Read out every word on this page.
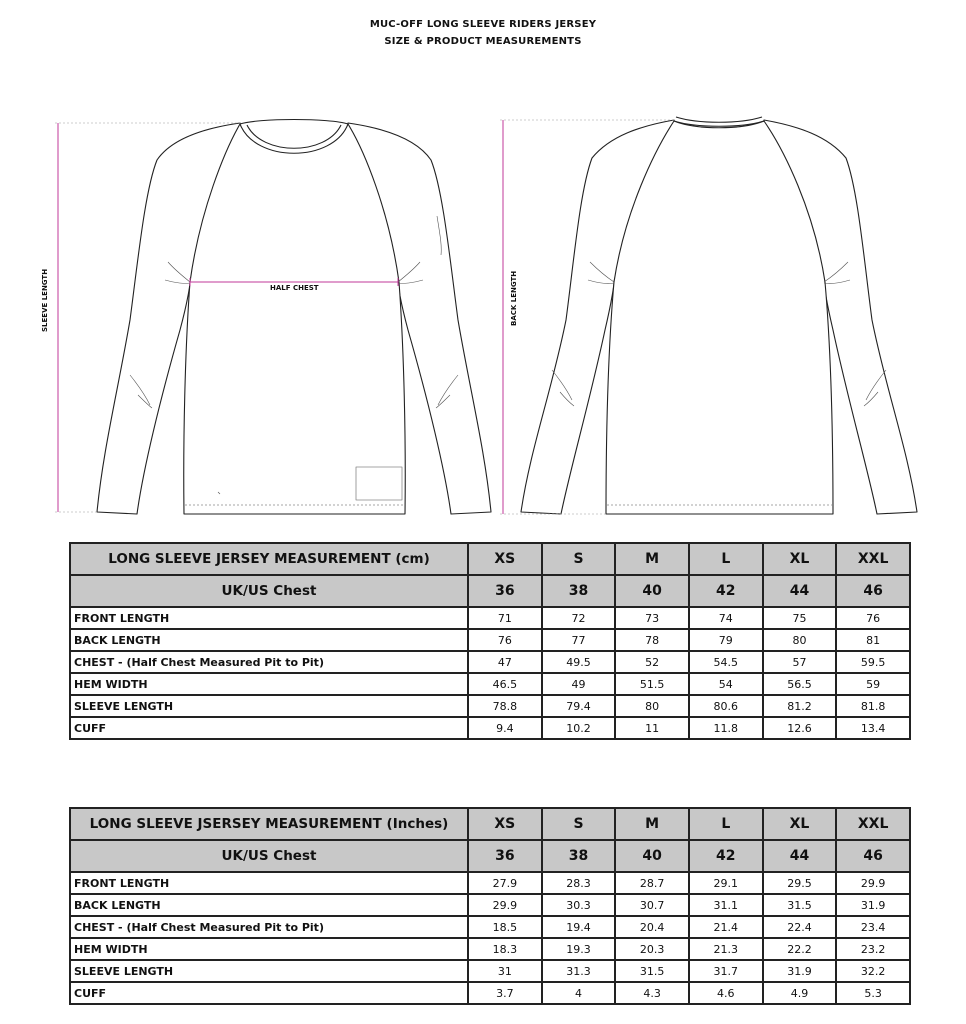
MUC-OFF LONG SLEEVE RIDERS JERSEY
SIZE & PRODUCT MEASUREMENTS
SLEEVE LENGTH	HALF CHEST	BACK LENGTH
LONG SLEEVE JERSEY MEASUREMENT (cm)	XS	S	M	L	XL	XXL
UK/US Chest	36	38	40	42	44	46
FRONT LENGTH	71	72	73	74	75	76
BACK LENGTH	76	77	78	79	80	81
CHEST - (Half Chest Measured Pit to Pit)	47	49.5	52	54.5	57	59.5
HEM WIDTH	46.5	49	51.5	54	56.5	59
SLEEVE LENGTH	78.8	79.4	80	80.6	81.2	81.8
CUFF	9.4	10.2	11	11.8	12.6	13.4
LONG SLEEVE JSERSEY MEASUREMENT (Inches)	XS	S	M	L	XL	XXL
UK/US Chest	36	38	40	42	44	46
FRONT LENGTH	27.9	28.3	28.7	29.1	29.5	29.9
BACK LENGTH	29.9	30.3	30.7	31.1	31.5	31.9
CHEST - (Half Chest Measured Pit to Pit)	18.5	19.4	20.4	21.4	22.4	23.4
HEM WIDTH	18.3	19.3	20.3	21.3	22.2	23.2
SLEEVE LENGTH	31	31.3	31.5	31.7	31.9	32.2
CUFF	3.7	4	4.3	4.6	4.9	5.3
